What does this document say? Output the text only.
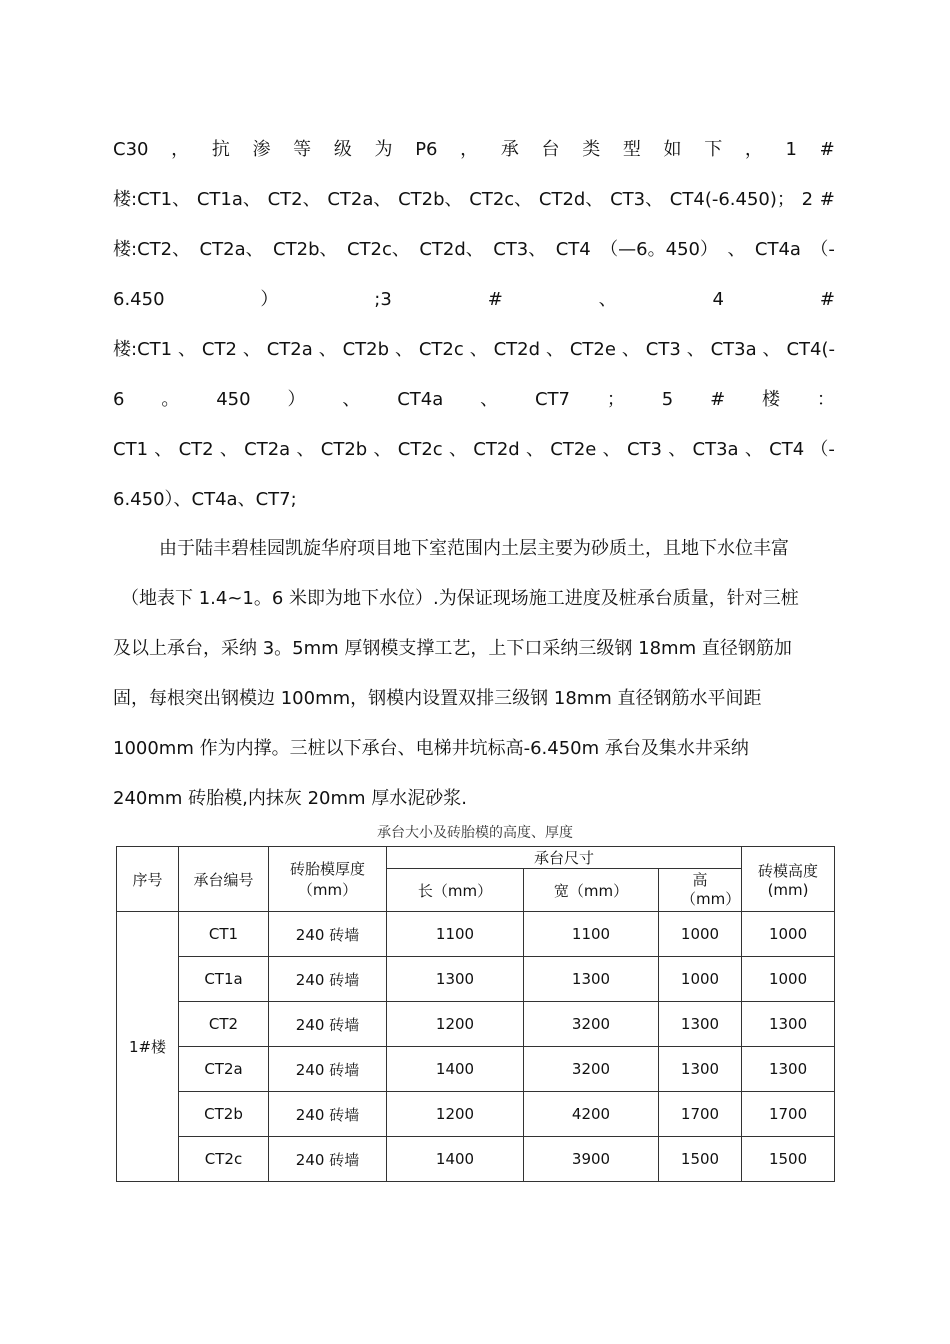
C30 ， 抗 渗 等 级 为 P6 ， 承 台 类 型 如 下 ， 1 #
楼:CT1、 CT1a、 CT2、 CT2a、 CT2b、 CT2c、 CT2d、 CT3、 CT4(-6.450)； 2 #
楼:CT2、 CT2a、 CT2b、 CT2c、 CT2d、 CT3、 CT4 （—6。450） 、 CT4a （-
6.450	）	;3	#	、	4	#
楼:CT1 、 CT2 、 CT2a 、 CT2b 、 CT2c 、 CT2d 、 CT2e 、 CT3 、 CT3a 、 CT4(-
6 。 450 ） 、 CT4a 、 CT7 ； 5 # 楼 ：
CT1 、 CT2 、 CT2a 、 CT2b 、 CT2c 、 CT2d 、 CT2e 、 CT3 、 CT3a 、 CT4 （-
6.450）、CT4a、CT7;
由于陆丰碧桂园凯旋华府项目地下室范围内土层主要为砂质土，且地下水位丰富
（地表下 1.4~1。6 米即为地下水位）.为保证现场施工进度及桩承台质量，针对三桩
及以上承台，采纳 3。5mm 厚钢模支撑工艺，上下口采纳三级钢 18mm 直径钢筋加
固，每根突出钢模边 100mm，钢模内设置双排三级钢 18mm 直径钢筋水平间距
1000mm 作为内撑。三桩以下承台、电梯井坑标高-6.450m 承台及集水井采纳
240mm 砖胎模,内抹灰 20mm 厚水泥砂浆.
承台大小及砖胎模的高度、厚度
序号	承台编号	砖胎模厚度（mm）	承台尺寸			砖模高度(mm)
			长（mm）	宽（mm）	高（mm）	
1#楼	CT1	240 砖墙	1100	1100	1000	1000
	CT1a	240 砖墙	1300	1300	1000	1000
	CT2	240 砖墙	1200	3200	1300	1300
	CT2a	240 砖墙	1400	3200	1300	1300
	CT2b	240 砖墙	1200	4200	1700	1700
	CT2c	240 砖墙	1400	3900	1500	1500
